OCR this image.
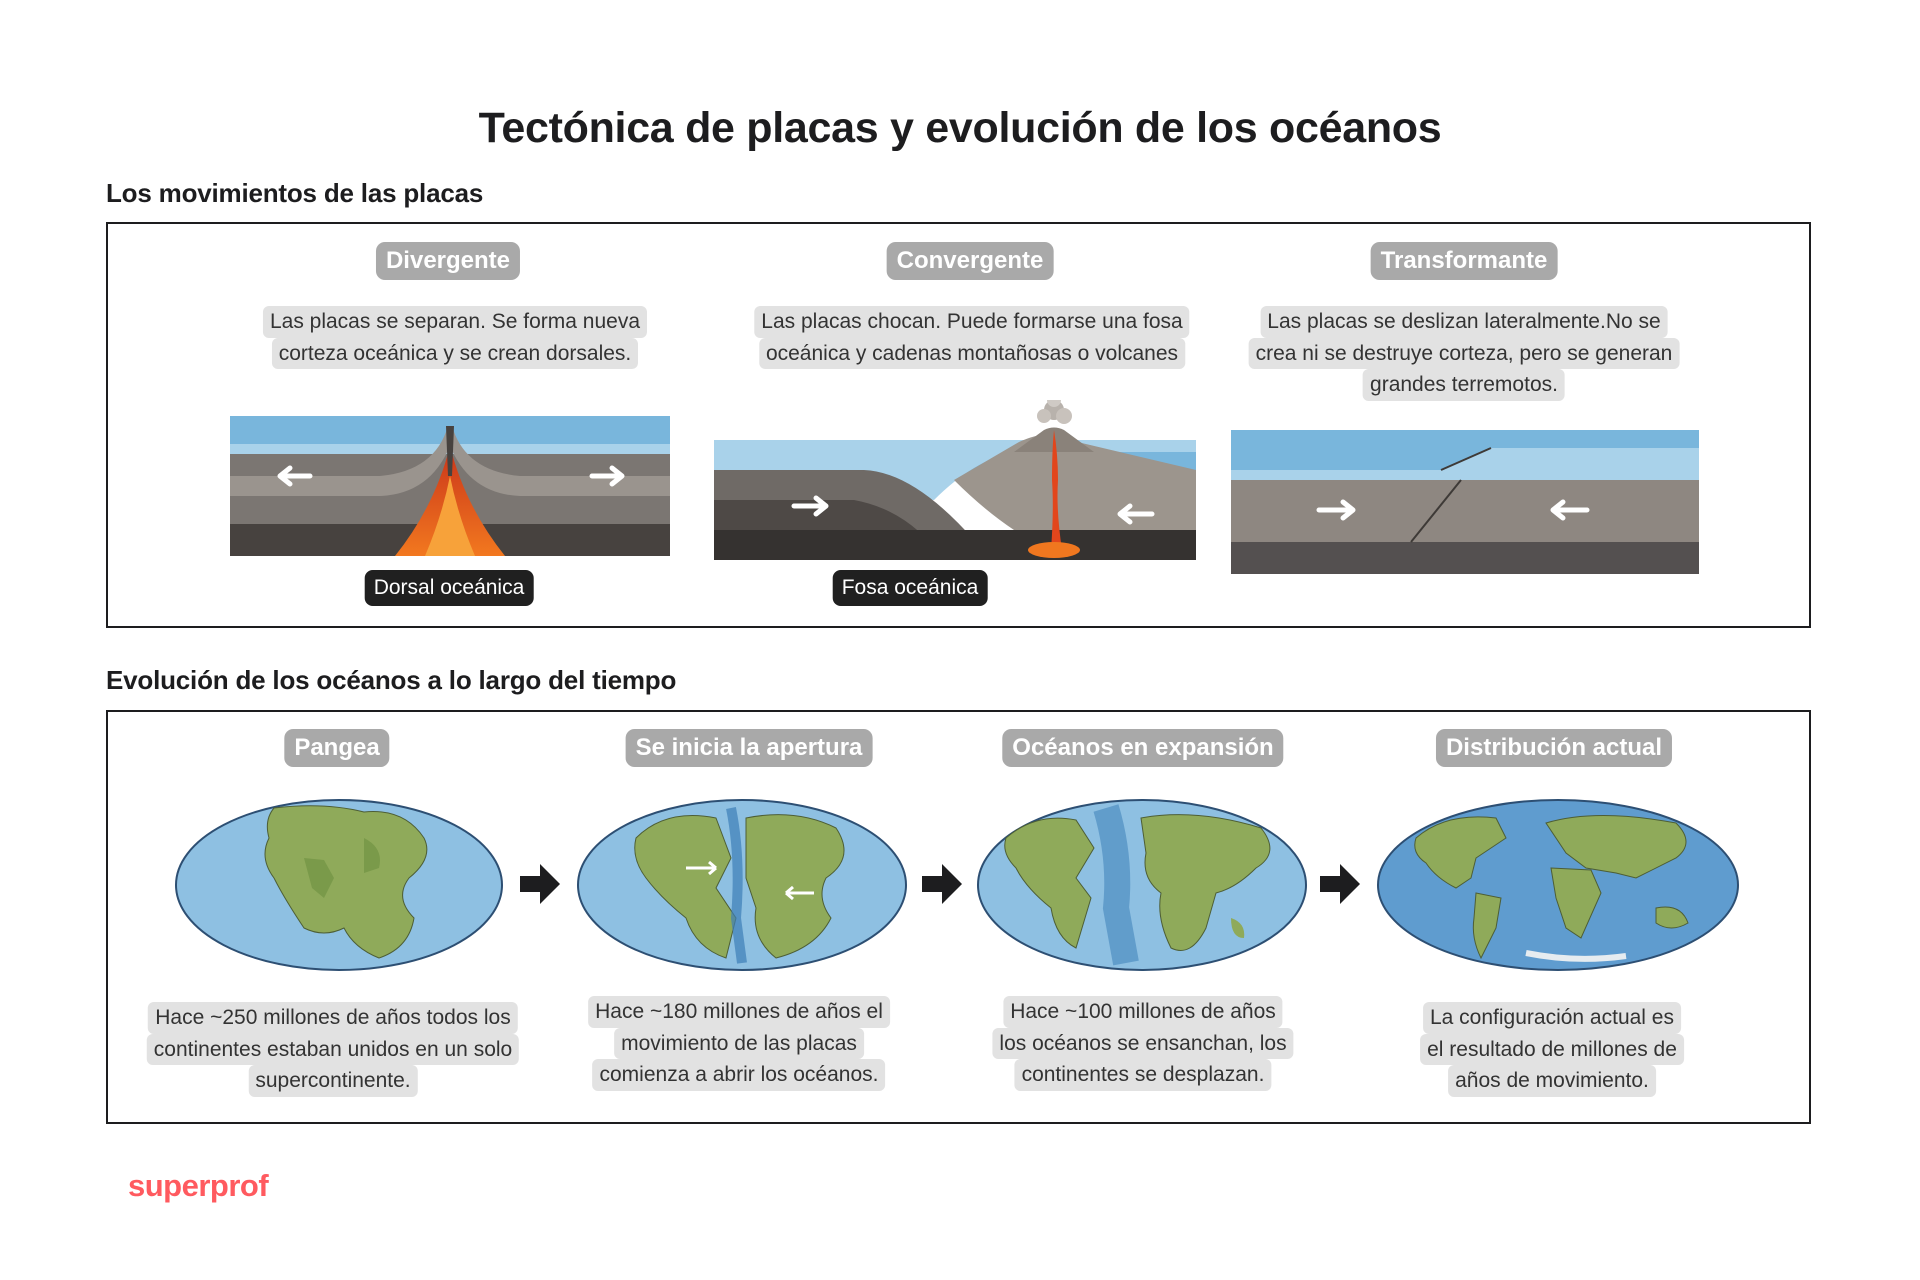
Tectónica de placas y evolución de los océanos
Los movimientos de las placas
Divergente
Las placas se separan. Se forma nueva
corteza oceánica y se crean dorsales.
Dorsal oceánica
Convergente
Las placas chocan. Puede formarse una fosa
oceánica y cadenas montañosas o volcanes
Fosa oceánica
Transformante
Las placas se deslizan lateralmente.No se
crea ni se destruye corteza, pero se generan
grandes terremotos.
Evolución de los océanos a lo largo del tiempo
Pangea	Se inicia la apertura	Océanos en expansión	Distribución actual
Hace ~250 millones de años todos los
continentes estaban unidos en un solo
supercontinente.
Hace ~180 millones de años el
movimiento de las placas
comienza a abrir los océanos.
Hace ~100 millones de años
los océanos se ensanchan, los
continentes se desplazan.
La configuración actual es
el resultado de millones de
años de movimiento.
superprof
